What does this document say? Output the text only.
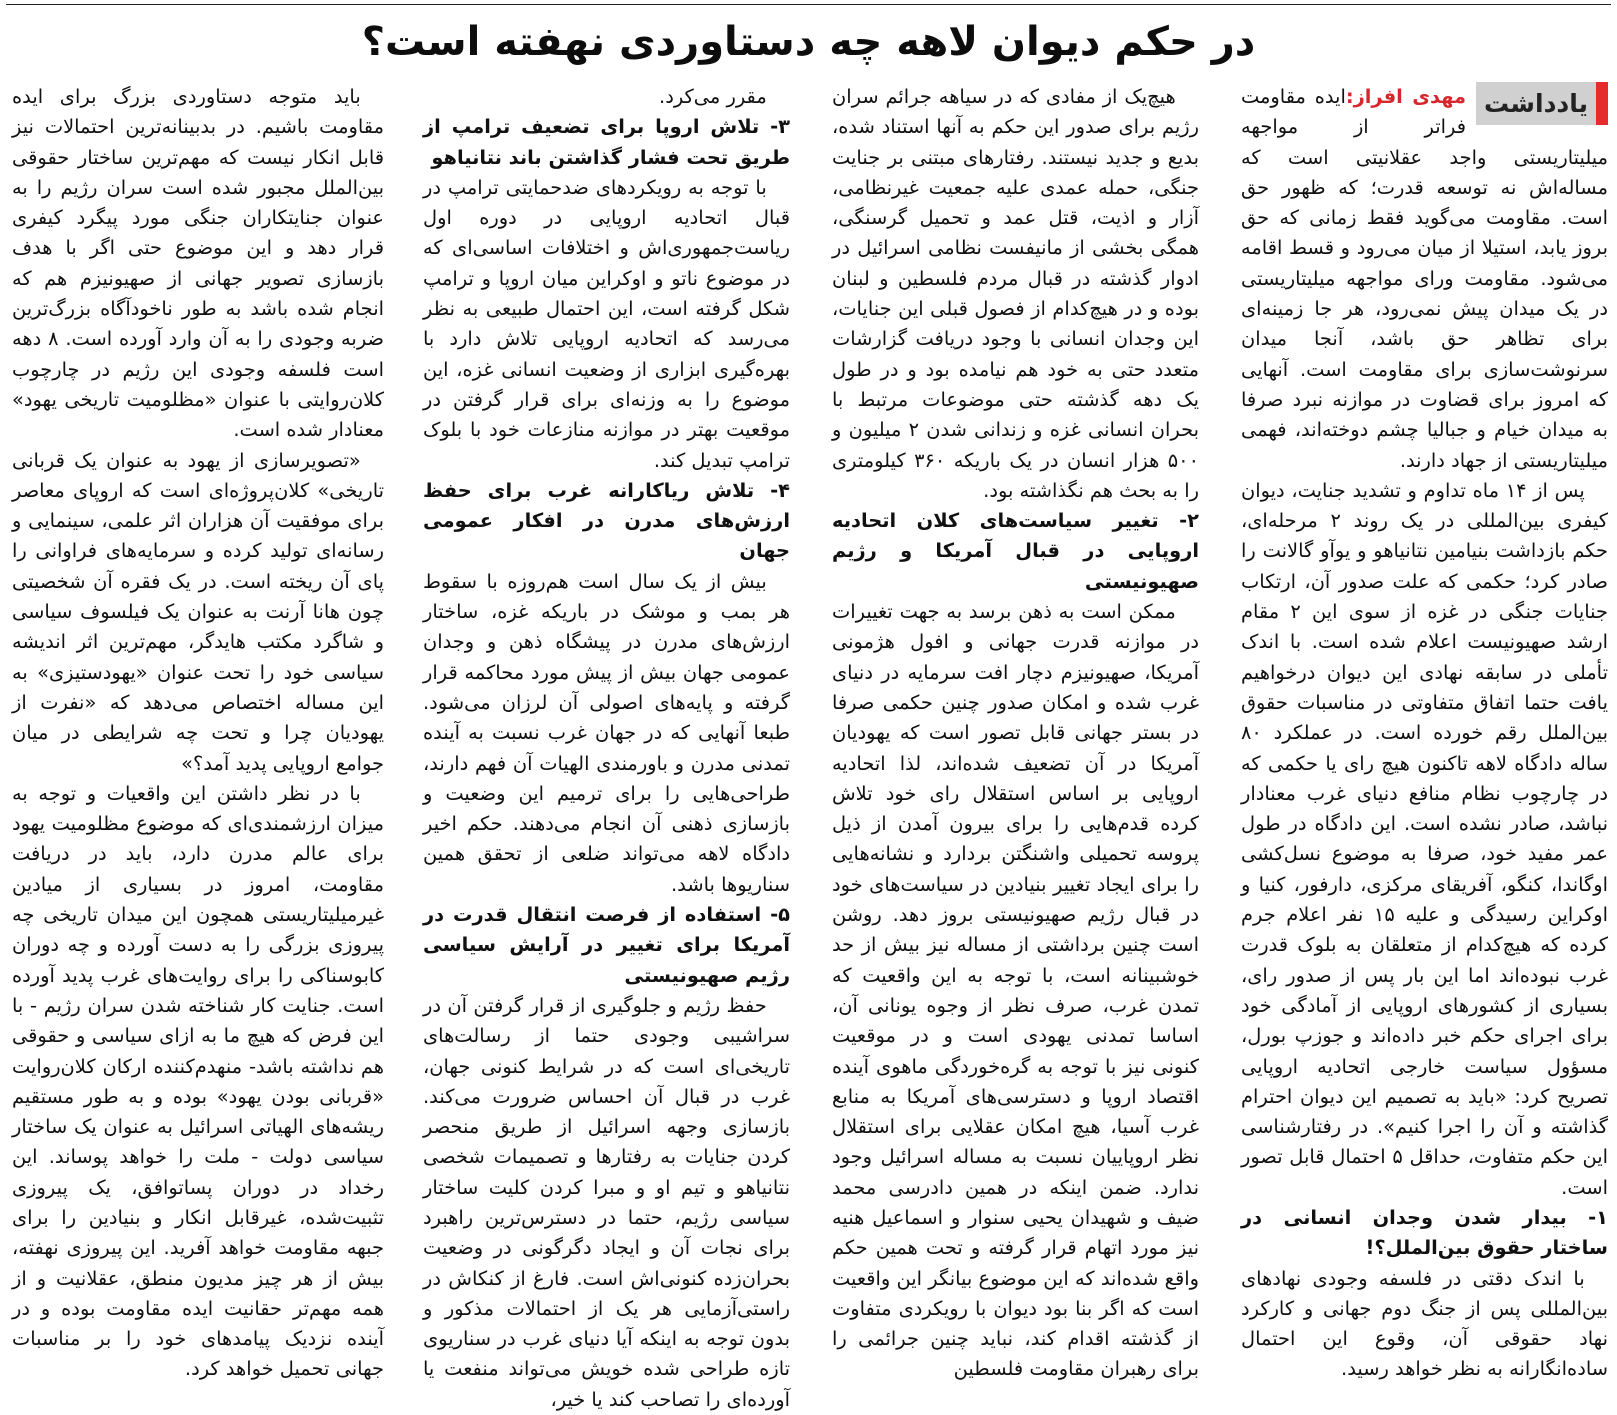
در حکم دیوان لاهه چه دستاوردی نهفته است؟
یادداشت

مهدی افراز:ایده مقاومت فراتر از مواجهه میلیتاریستی واجد عقلانیتی است که مساله‌اش نه توسعه قدرت؛ که ظهور حق است. مقاومت می‌گوید فقط زمانی که حق بروز یابد، استیلا از میان می‌رود و قسط اقامه می‌شود. مقاومت ورای مواجهه میلیتاریستی در یک میدان پیش نمی‌رود، هر جا زمینه‌ای برای تظاهر حق باشد، آنجا میدان سرنوشت‌سازی برای مقاومت است. آنهایی که امروز برای قضاوت در موازنه نبرد صرفا به میدان خیام و جبالیا چشم دوخته‌اند، فهمی میلیتاریستی از جهاد دارند.

پس از ۱۴ ماه تداوم و تشدید جنایت، دیوان کیفری بین‌المللی در یک روند ۲ مرحله‌ای، حکم بازداشت بنیامین نتانیاهو و یوآو گالانت را صادر کرد؛ حکمی که علت صدور آن، ارتکاب جنایات جنگی در غزه از سوی این ۲ مقام ارشد صهیونیست اعلام شده است. با اندک تأملی در سابقه نهادی این دیوان درخواهیم یافت حتما اتفاق متفاوتی در مناسبات حقوق بین‌الملل رقم خورده است. در عملکرد ۸۰ ساله دادگاه لاهه تاکنون هیچ رای یا حکمی که در چارچوب نظام منافع دنیای غرب معنادار نباشد، صادر نشده است. این دادگاه در طول عمر مفید خود، صرفا به موضوع نسل‌کشی اوگاندا، کنگو، آفریقای مرکزی، دارفور، کنیا و اوکراین رسیدگی و علیه ۱۵ نفر اعلام جرم کرده که هیچ‌کدام از متعلقان به بلوک قدرت غرب نبوده‌اند اما این بار پس از صدور رای، بسیاری از کشورهای اروپایی از آمادگی خود برای اجرای حکم خبر داده‌اند و جوزپ بورل، مسؤول سیاست خارجی اتحادیه اروپایی تصریح کرد: «باید به تصمیم این دیوان احترام گذاشته و آن را اجرا کنیم». در رفتارشناسی این حکم متفاوت، حداقل ۵ احتمال قابل تصور است.

۱- بیدار شدن وجدان انسانی در ساختار حقوق بین‌الملل؟!

با اندک دقتی در فلسفه وجودی نهادهای بین‌المللی پس از جنگ دوم جهانی و کارکرد نهاد حقوقی آن، وقوع این احتمال ساده‌انگارانه به نظر خواهد رسید.

هیچ‌یک از مفادی که در سیاهه جرائم سران رژیم برای صدور این حکم به آنها استناد شده، بدیع و جدید نیستند. رفتارهای مبتنی بر جنایت جنگی، حمله عمدی علیه جمعیت غیرنظامی، آزار و اذیت، قتل عمد و تحمیل گرسنگی، همگی بخشی از مانیفست نظامی اسرائیل در ادوار گذشته در قبال مردم فلسطین و لبنان بوده و در هیچ‌کدام از فصول قبلی این جنایات، این وجدان انسانی با وجود دریافت گزارشات متعدد حتی به خود هم نیامده بود و در طول یک دهه گذشته حتی موضوعات مرتبط با بحران انسانی غزه و زندانی شدن ۲ میلیون و ۵۰۰ هزار انسان در یک باریکه ۳۶۰ کیلومتری را به بحث هم نگذاشته بود.

۲- تغییر سیاست‌های کلان اتحادیه اروپایی در قبال آمریکا و رژیم صهیونیستی

ممکن است به ذهن برسد به جهت تغییرات در موازنه قدرت جهانی و افول هژمونی آمریکا، صهیونیزم دچار افت سرمایه در دنیای غرب شده و امکان صدور چنین حکمی صرفا در بستر جهانی قابل تصور است که یهودیان آمریکا در آن تضعیف شده‌اند، لذا اتحادیه اروپایی بر اساس استقلال رای خود تلاش کرده قدم‌هایی را برای بیرون آمدن از ذیل پروسه تحمیلی واشنگتن بردارد و نشانه‌هایی را برای ایجاد تغییر بنیادین در سیاست‌های خود در قبال رژیم صهیونیستی بروز دهد. روشن است چنین برداشتی از مساله نیز بیش از حد خوشبینانه است، با توجه به این واقعیت که تمدن غرب، صرف نظر از وجوه یونانی آن، اساسا تمدنی یهودی است و در موقعیت کنونی نیز با توجه به گره‌خوردگی ماهوی آینده اقتصاد اروپا و دسترسی‌های آمریکا به منابع غرب آسیا، هیچ امکان عقلایی برای استقلال نظر اروپاییان نسبت به مساله اسرائیل وجود ندارد. ضمن اینکه در همین دادرسی محمد ضیف و شهیدان یحیی سنوار و اسماعیل هنیه نیز مورد اتهام قرار گرفته و تحت همین حکم واقع شده‌اند که این موضوع بیانگر این واقعیت است که اگر بنا بود دیوان با رویکردی متفاوت از گذشته اقدام کند، نباید چنین جرائمی را برای رهبران مقاومت فلسطین

مقرر می‌کرد.

۳- تلاش اروپا برای تضعیف ترامپ از طریق تحت فشار گذاشتن باند نتانیاهو

با توجه به رویکردهای ضدحمایتی ترامپ در قبال اتحادیه اروپایی در دوره اول ریاست‌جمهوری‌اش و اختلافات اساسی‌ای که در موضوع ناتو و اوکراین میان اروپا و ترامپ شکل گرفته است، این احتمال طبیعی به نظر می‌رسد که اتحادیه اروپایی تلاش دارد با بهره‌گیری ابزاری از وضعیت انسانی غزه، این موضوع را به وزنه‌ای برای قرار گرفتن در موقعیت بهتر در موازنه منازعات خود با بلوک ترامپ تبدیل کند.

۴- تلاش ریاکارانه غرب برای حفظ ارزش‌های مدرن در افکار عمومی جهان

بیش از یک سال است هم‌روزه با سقوط هر بمب و موشک در باریکه غزه، ساختار ارزش‌های مدرن در پیشگاه ذهن و وجدان عمومی جهان بیش از پیش مورد محاکمه قرار گرفته و پایه‌های اصولی آن لرزان می‌شود. طبعا آنهایی که در جهان غرب نسبت به آینده تمدنی مدرن و باورمندی الهیات آن فهم دارند، طراحی‌هایی را برای ترمیم این وضعیت و بازسازی ذهنی آن انجام می‌دهند. حکم اخیر دادگاه لاهه می‌تواند ضلعی از تحقق همین سناریوها باشد.

۵- استفاده از فرصت انتقال قدرت در آمریکا برای تغییر در آرایش سیاسی رژیم صهیونیستی

حفظ رژیم و جلوگیری از قرار گرفتن آن در سراشیبی وجودی حتما از رسالت‌های تاریخی‌ای است که در شرایط کنونی جهان، غرب در قبال آن احساس ضرورت می‌کند. بازسازی وجهه اسرائیل از طریق منحصر کردن جنایات به رفتارها و تصمیمات شخصی نتانیاهو و تیم او و مبرا کردن کلیت ساختار سیاسی رژیم، حتما در دسترس‌ترین راهبرد برای نجات آن و ایجاد دگرگونی در وضعیت بحران‌زده کنونی‌اش است. فارغ از کنکاش در راستی‌آزمایی هر یک از احتمالات مذکور و بدون توجه به اینکه آیا دنیای غرب در سناریوی تازه طراحی شده خویش می‌تواند منفعت یا آورده‌ای را تصاحب کند یا خیر،

باید متوجه دستاوردی بزرگ برای ایده مقاومت باشیم. در بدبینانه‌ترین احتمالات نیز قابل انکار نیست که مهم‌ترین ساختار حقوقی بین‌الملل مجبور شده است سران رژیم را به عنوان جنایتکاران جنگی مورد پیگرد کیفری قرار دهد و این موضوع حتی اگر با هدف بازسازی تصویر جهانی از صهیونیزم هم که انجام شده باشد به طور ناخودآگاه بزرگ‌ترین ضربه وجودی را به آن وارد آورده است. ۸ دهه است فلسفه وجودی این رژیم در چارچوب کلان‌روایتی با عنوان «مظلومیت تاریخی یهود» معنادار شده است.

«تصویرسازی از یهود به عنوان یک قربانی تاریخی» کلان‌پروژه‌ای است که اروپای معاصر برای موفقیت آن هزاران اثر علمی، سینمایی و رسانه‌ای تولید کرده و سرمایه‌های فراوانی را پای آن ریخته است. در یک فقره آن شخصیتی چون هانا آرنت به عنوان یک فیلسوف سیاسی و شاگرد مکتب هایدگر، مهم‌ترین اثر اندیشه سیاسی خود را تحت عنوان «یهودستیزی» به این مساله اختصاص می‌دهد که «نفرت از یهودیان چرا و تحت چه شرایطی در میان جوامع اروپایی پدید آمد؟»

با در نظر داشتن این واقعیات و توجه به میزان ارزشمندی‌ای که موضوع مظلومیت یهود برای عالم مدرن دارد، باید در دریافت مقاومت، امروز در بسیاری از میادین غیرمیلیتاریستی همچون این میدان تاریخی چه پیروزی بزرگی را به دست آورده و چه دوران کابوسناکی را برای روایت‌های غرب پدید آورده است. جنایت کار شناخته شدن سران رژیم - با این فرض که هیچ ما به ازای سیاسی و حقوقی هم نداشته باشد- منهدم‌کننده ارکان کلان‌روایت «قربانی بودن یهود» بوده و به طور مستقیم ریشه‌های الهیاتی اسرائیل به عنوان یک ساختار سیاسی دولت - ملت را خواهد پوساند. این رخداد در دوران پساتوافق، یک پیروزی تثبیت‌شده، غیرقابل انکار و بنیادین را برای جبهه مقاومت خواهد آفرید. این پیروزی نهفته، بیش از هر چیز مدیون منطق، عقلانیت و از همه مهم‌تر حقانیت ایده مقاومت بوده و در آینده نزدیک پیامدهای خود را بر مناسبات جهانی تحمیل خواهد کرد.
